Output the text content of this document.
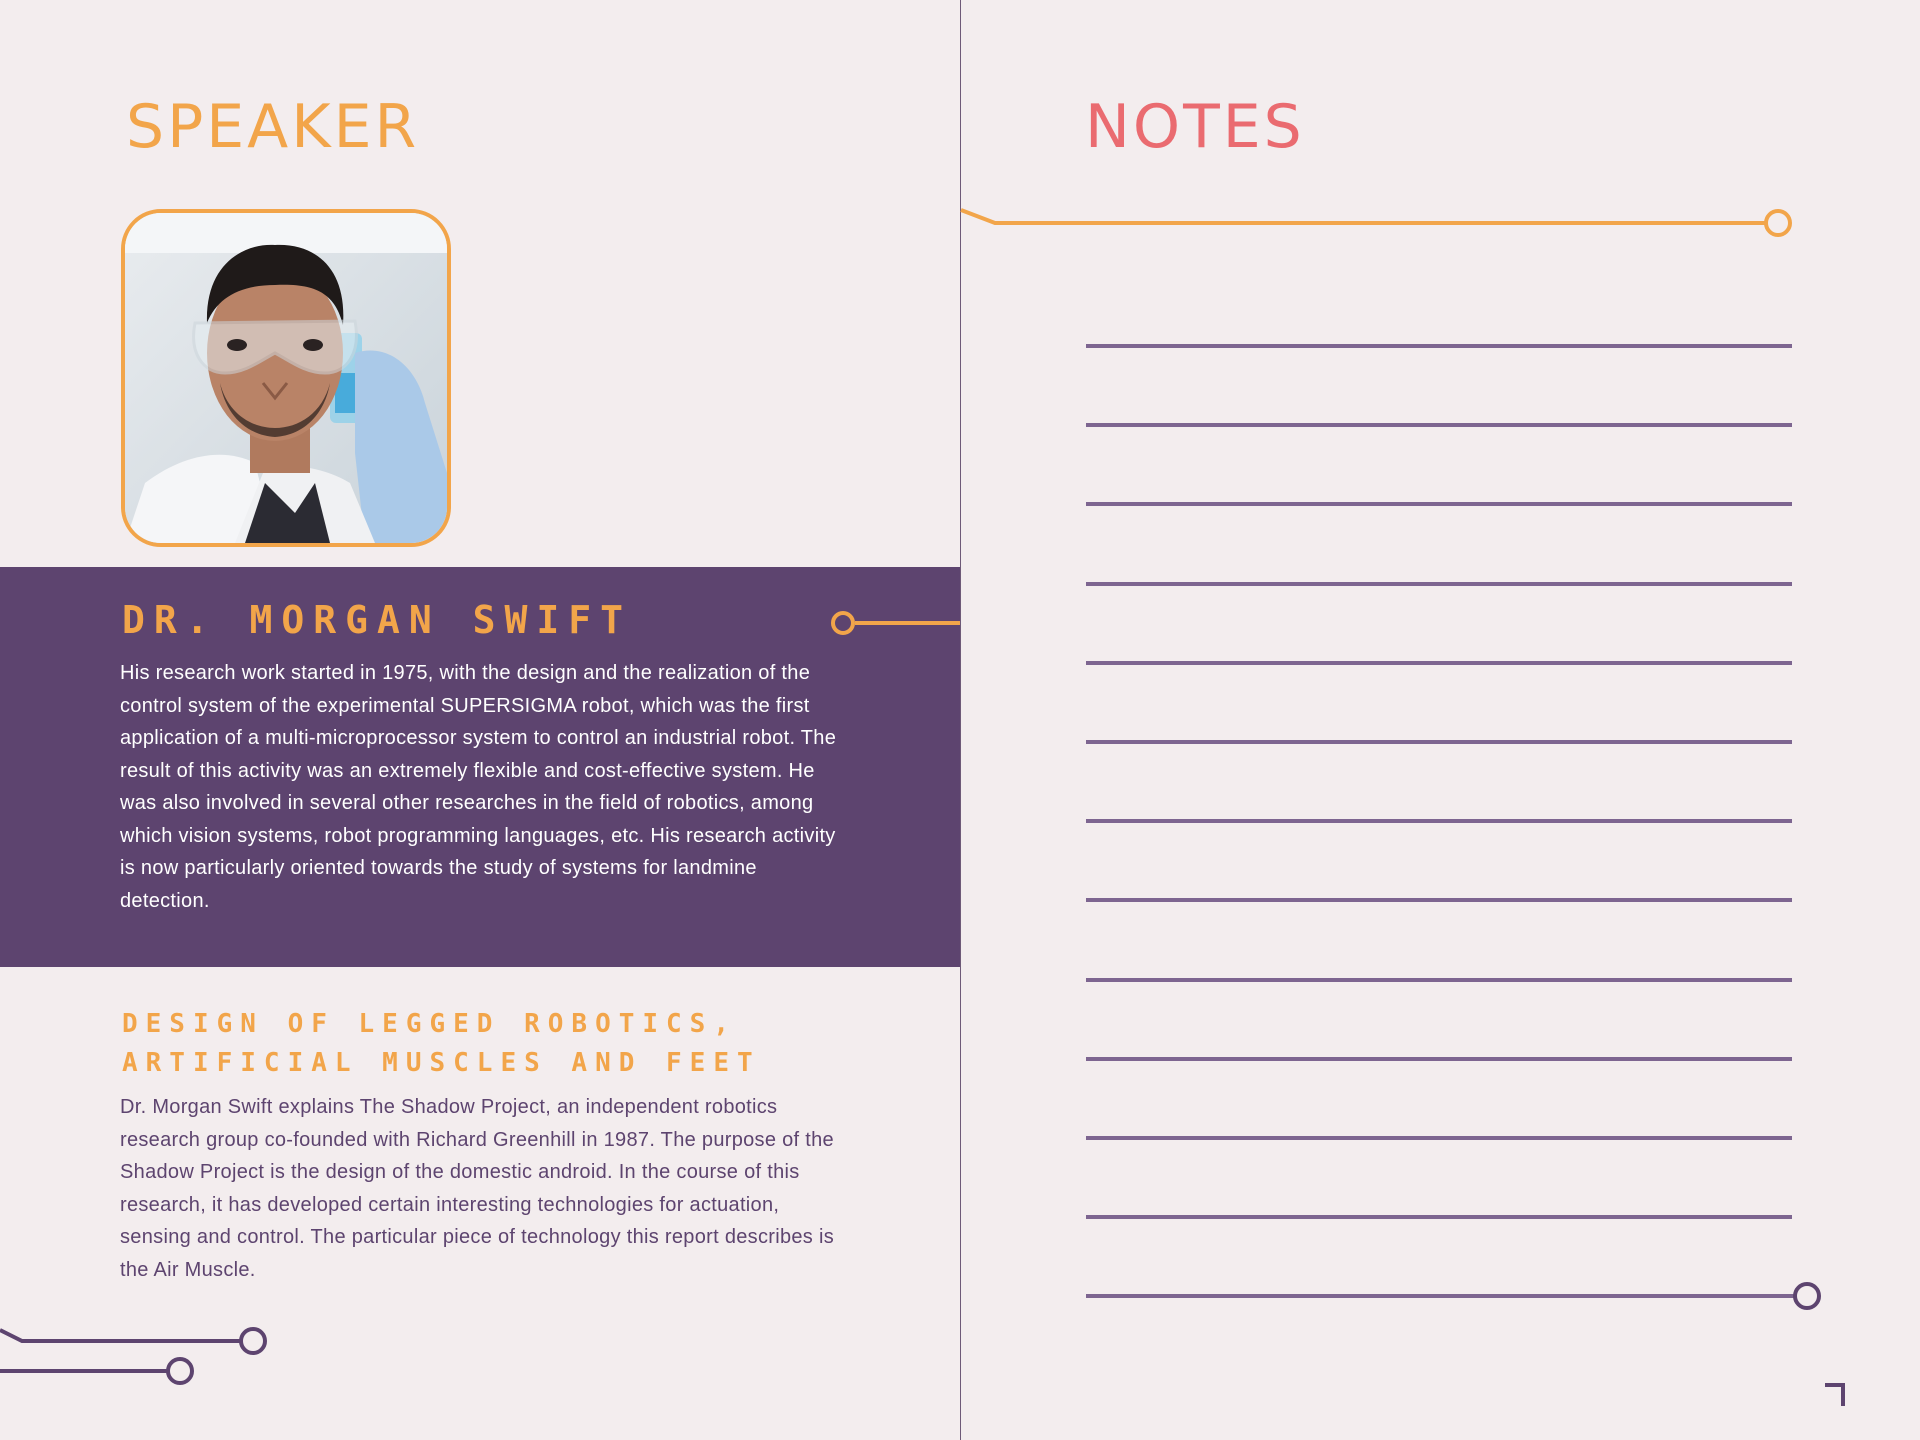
SPEAKER
DR. MORGAN SWIFT

His research work started in 1975, with the design and the realization of the control system of the experimental SUPERSIGMA robot, which was the first application of a multi-microprocessor system to control an industrial robot. The result of this activity was an extremely flexible and cost-effective system. He was also involved in several other researches in the field of robotics, among which vision systems, robot programming languages, etc. His research activity is now particularly oriented towards the study of systems for landmine detection.

DESIGN OF LEGGED ROBOTICS,
ARTIFICIAL MUSCLES AND FEET

Dr. Morgan Swift explains The Shadow Project, an independent robotics research group co-founded with Richard Greenhill in 1987. The purpose of the Shadow Project is the design of the domestic android. In the course of this research, it has developed certain interesting technologies for actuation, sensing and control. The particular piece of technology this report describes is the Air Muscle.

NOTES
